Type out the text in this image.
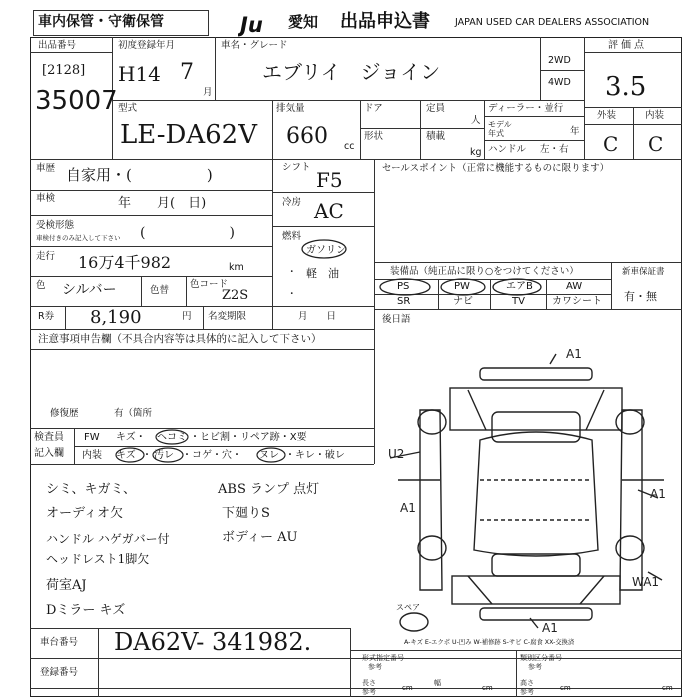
車内保管・守衛保管	Ju 愛知 出品申込書	JAPAN USED CAR DEALERS ASSOCIATION
出品番号
[2128]
35007
初度登録年月
H14 7
月
車名・グレード
エブリイ　ジョイン	2WD
4WD
評価点
3.5
外装	内装
C C
型式
LE-DA62V
排気量
660 cc
ドア
形状
定員
人
積載
kg
ディーラー・並行
モデル年式	年
ハンドル 左・右
車歴 自家用・(　　　　　)
車検	年　　月(　日)
受検形態
車検付きのみ記入して下さい (　　　　　　)
走行 16万4千982	km
色 シルバー	色替
色コード
Z2S
R券 8,190	円 名変期限	月　　日
シフト
F5
冷房 AC
燃料
ガソリン
・ 軽　油
・
セールスポイント（正常に機能するものに限ります）
装備品（純正品に限り○をつけてください）
PS	PW	エアB	AW
SR	ナビ	TV	カワシート
新車保証書
有・無
後日語
注意事項申告欄（不具合内容等は具体的に記入して下さい）
修復歴	有（箇所
検査員
記入欄
FW キズ・ ヘコミ ・ヒビ割・リペア跡・X要
内装 キズ ・ 汚レ ・コゲ・穴・ ヌレ ・キレ・破レ
シミ、キガミ、	ABS ランプ 点灯
オーディオ欠	下廻りS
ハンドル ハゲガバー付	ボディー AU
ヘッドレスト1脚欠
荷室AJ
Dミラー キズ
A1
U2
A1
A1
A1
WA1
スペア
A-キズ E-エクボ U-凹み W-補修跡 S-サビ C-腐食 XX-交換済
車台番号 DA62V- 341982.
登録番号
形式指定番号
参考
類別区分番号
参考
長さ
参考	cm
幅
cm
高さ
参考	cm	cm
